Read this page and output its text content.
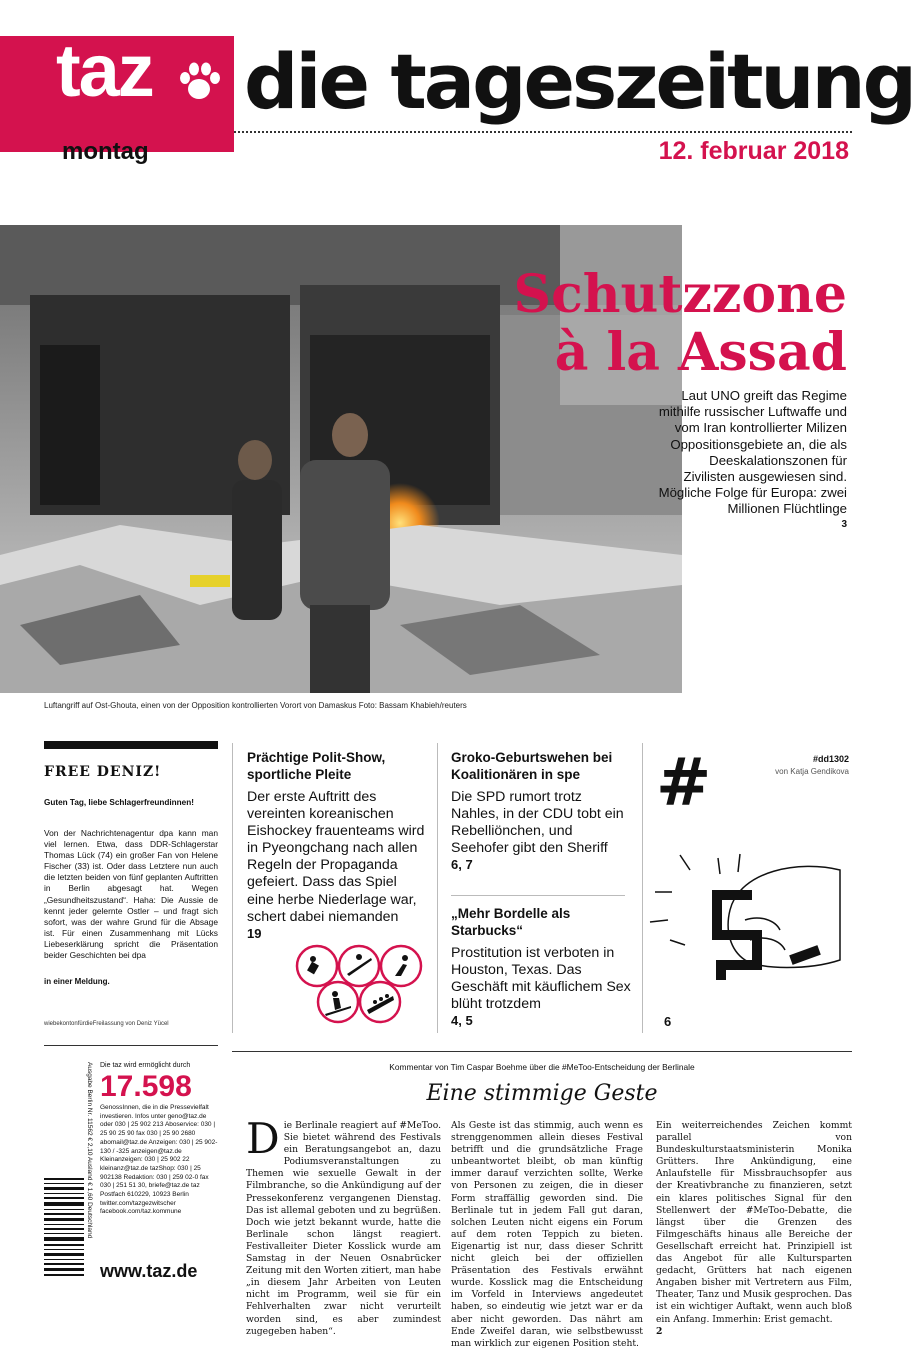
taz
montag
die tageszeitung
12. februar 2018
Luftangriff auf Ost-Ghouta, einen von der Opposition kontrollierten Vorort von Damaskus Foto: Bassam Khabieh/reuters
Schutzzone
à la Assad
Laut UNO greift das Regime mithilfe russischer Luftwaffe und vom Iran kontrollierter Milizen Oppositionsgebiete an, die als Deeskalationszonen für Zivilisten ausgewiesen sind. Mögliche Folge für Europa: zwei Millionen Flüchtlinge
3
FREE DENIZ!
Guten Tag, liebe Schlagerfreundinnen!
Von der Nachrichtenagentur dpa kann man viel lernen. Etwa, dass DDR-Schlagerstar Thomas Lück (74) ein großer Fan von Helene Fischer (33) ist. Oder dass Letztere nun auch die letzten beiden von fünf geplanten Auftritten in Berlin abgesagt hat. Wegen „Gesundheitszustand“. Haha: Die Aussie de kennt jeder gelernte Ostler – und fragt sich sofort, was der wahre Grund für die Absage ist. Für einen Zusammenhang mit Lücks Liebeserklärung spricht die Präsentation beider Geschichten bei dpa
in einer Meldung.
wiebekontonfürdieFreilassung von Deniz Yücel
Die taz wird ermöglicht durch
17.598
GenossInnen, die in die Pressevielfalt investieren. Infos unter geno@taz.de oder 030 | 25 902 213 Aboservice: 030 | 25 90 25 90 fax 030 | 25 90 2680 abomail@taz.de Anzeigen: 030 | 25 902-130 / -325 anzeigen@taz.de Kleinanzeigen: 030 | 25 902 22 kleinanz@taz.de tazShop: 030 | 25 902138 Redaktion: 030 | 259 02-0 fax 030 | 251 51 30, briefe@taz.de taz Postfach 610229, 10923 Berlin twitter.com/tazgezwitscher facebook.com/taz.kommune
www.taz.de
Ausgabe Berlin Nr. 11562 € 2,10 Ausland € 1,60 Deutschland
Prächtige Polit-Show, sportliche Pleite
Der erste Auftritt des vereinten koreanischen Eishockey frauenteams wird in Pyeongchang nach allen Regeln der Propaganda gefeiert. Dass das Spiel eine herbe Niederlage war, schert dabei niemanden
19
Groko-Geburtswehen bei Koalitionären in spe
Die SPD rumort trotz Nahles, in der CDU tobt ein Rebelliönchen, und Seehofer gibt den Sheriff
6, 7
„Mehr Bordelle als Starbucks“
Prostitution ist verboten in Houston, Texas. Das Geschäft mit käuflichem Sex blüht trotzdem
4, 5
#	#dd1302
von Katja Gendikova
6
Kommentar von Tim Caspar Boehme über die #MeToo-Entscheidung der Berlinale
Eine stimmige Geste
D ie Berlinale reagiert auf #MeToo. Sie bietet während des Festivals ein Beratungsangebot an, dazu Podiumsveranstaltungen zu Themen wie sexuelle Gewalt in der Filmbranche, so die Ankündigung auf der Pressekonferenz vergangenen Dienstag. Das ist allemal geboten und zu begrüßen. Doch wie jetzt bekannt wurde, hatte die Berlinale schon längst reagiert. Festivalleiter Dieter Kosslick wurde am Samstag in der Neuen Osnabrücker Zeitung mit den Worten zitiert, man habe „in diesem Jahr Arbeiten von Leuten nicht im Programm, weil sie für ein Fehlverhalten zwar nicht verurteilt worden sind, es aber zumindest zugegeben haben“.
Als Geste ist das stimmig, auch wenn es strenggenommen allein dieses Festival betrifft und die grundsätzliche Frage unbeantwortet bleibt, ob man künftig immer darauf verzichten sollte, Werke von Personen zu zeigen, die in dieser Form straffällig geworden sind. Die Berlinale tut in jedem Fall gut daran, solchen Leuten nicht eigens ein Forum auf dem roten Teppich zu bieten. Eigenartig ist nur, dass dieser Schritt nicht gleich bei der offiziellen Präsentation des Festivals erwähnt wurde. Kosslick mag die Entscheidung im Vorfeld in Interviews angedeutet haben, so eindeutig wie jetzt war er da aber nicht geworden. Das nährt am Ende Zweifel daran, wie selbstbewusst man wirklich zur eigenen Position steht.
Ein weiterreichendes Zeichen kommt parallel von Bundeskulturstaatsministerin Monika Grütters. Ihre Ankündigung, eine Anlaufstelle für Missbrauchsopfer aus der Kreativbranche zu finanzieren, setzt ein klares politisches Signal für den Stellenwert der #MeToo-Debatte, die längst über die Grenzen des Filmgeschäfts hinaus alle Bereiche der Gesellschaft erreicht hat. Prinzipiell ist das Angebot für alle Kultursparten gedacht, Grütters hat nach eigenen Angaben bisher mit Vertretern aus Film, Theater, Tanz und Musik gesprochen. Das ist ein wichtiger Auftakt, wenn auch bloß ein Anfang. Immerhin: Erist gemacht.
2
